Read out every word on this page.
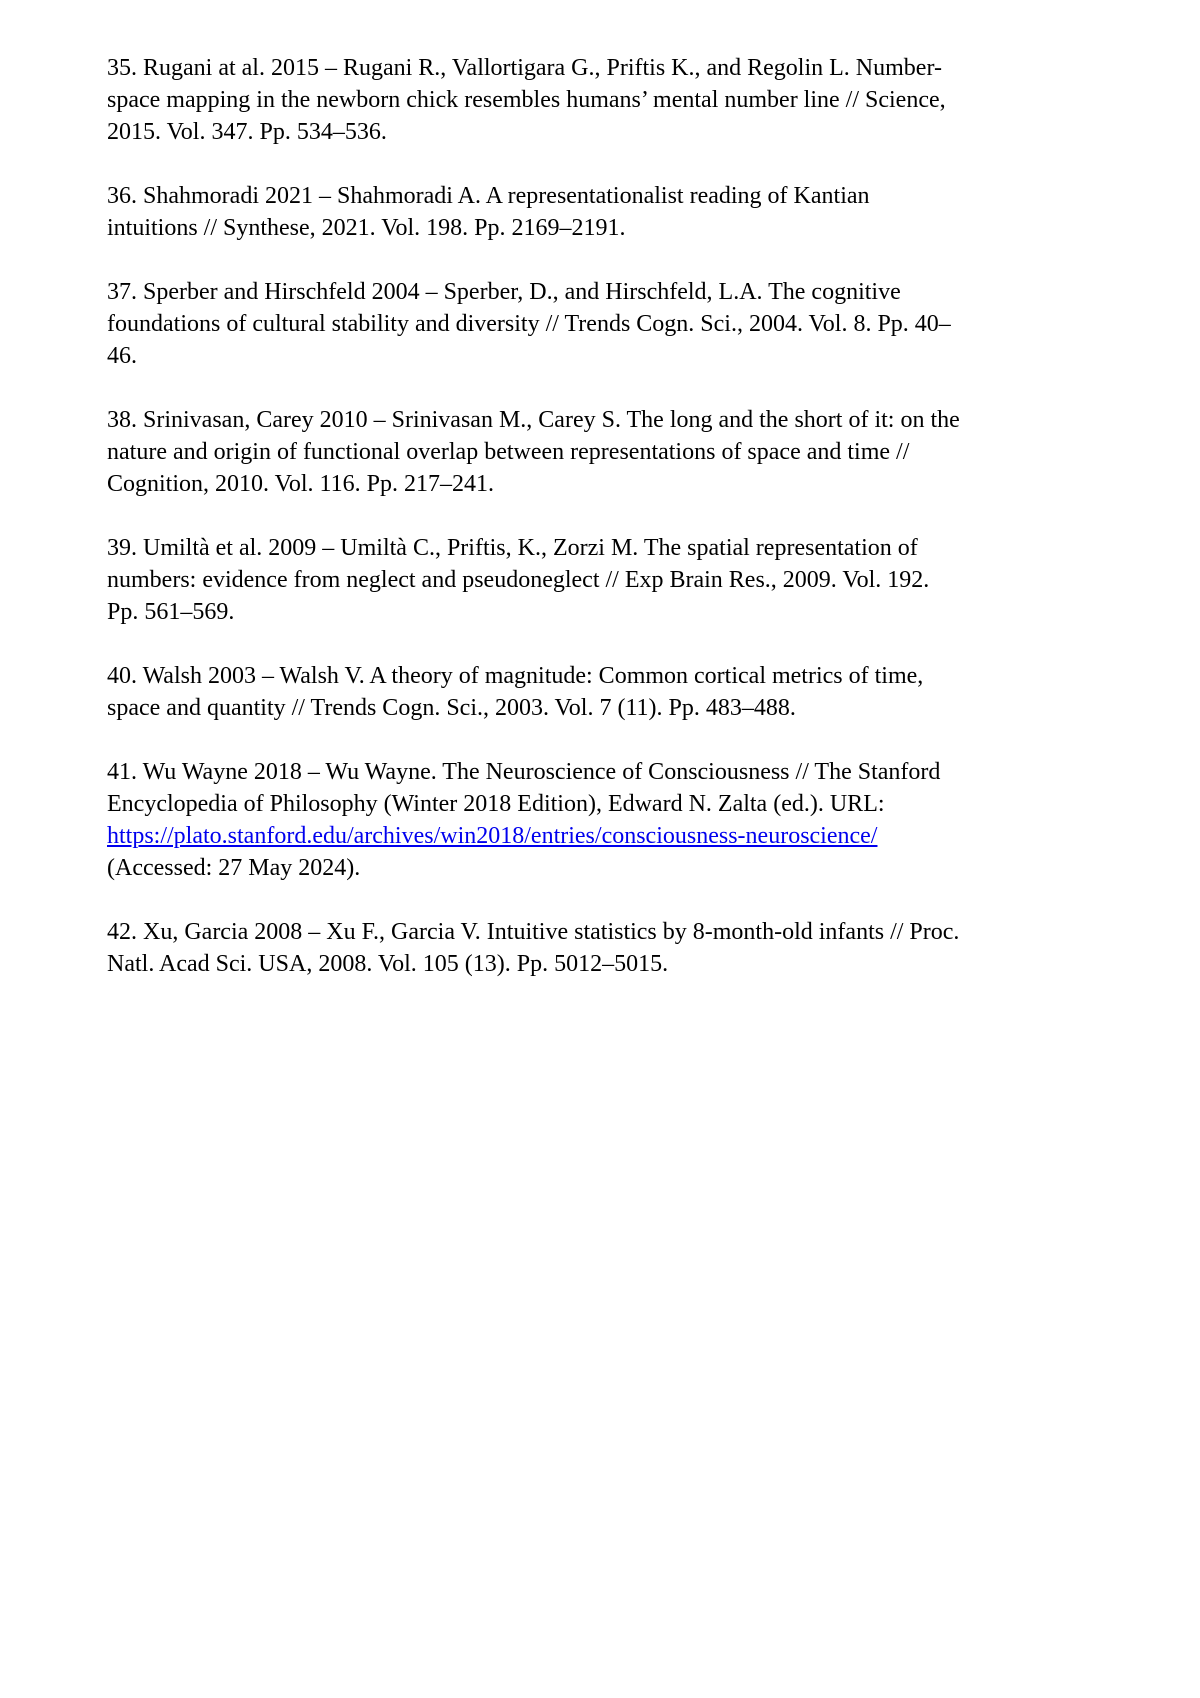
35. Rugani at al. 2015 – Rugani R., Vallortigara G., Priftis K., and Regolin L. Number-
space mapping in the newborn chick resembles humans’ mental number line // Science,
2015. Vol. 347. Pp. 534–536.

36. Shahmoradi 2021 – Shahmoradi A. A representationalist reading of Kantian
intuitions // Synthese, 2021. Vol. 198. Pp. 2169–2191.

37. Sperber and Hirschfeld 2004 – Sperber, D., and Hirschfeld, L.A. The cognitive
foundations of cultural stability and diversity // Trends Cogn. Sci., 2004. Vol. 8. Pp. 40–
46.

38. Srinivasan, Carey 2010 – Srinivasan M., Carey S. The long and the short of it: on the
nature and origin of functional overlap between representations of space and time //
Cognition, 2010. Vol. 116. Pp. 217–241.

39. Umiltà et al. 2009 – Umiltà C., Priftis, K., Zorzi M. The spatial representation of
numbers: evidence from neglect and pseudoneglect // Exp Brain Res., 2009. Vol. 192.
Pp. 561–569.

40. Walsh 2003 – Walsh V. A theory of magnitude: Common cortical metrics of time,
space and quantity // Trends Cogn. Sci., 2003. Vol. 7 (11). Pp. 483–488.

41. Wu Wayne 2018 – Wu Wayne. The Neuroscience of Consciousness // The Stanford
Encyclopedia of Philosophy (Winter 2018 Edition), Edward N. Zalta (ed.). URL:
https://plato.stanford.edu/archives/win2018/entries/consciousness-neuroscience/
(Accessed: 27 May 2024).

42. Xu, Garcia 2008 – Xu F., Garcia V. Intuitive statistics by 8-month-old infants // Proc.
Natl. Acad Sci. USA, 2008. Vol. 105 (13). Pp. 5012–5015.
